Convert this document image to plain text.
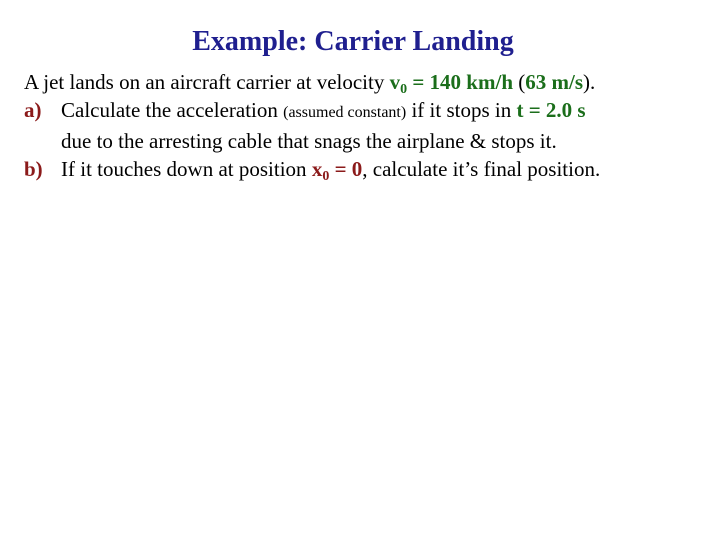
Example: Carrier Landing
A jet lands on an aircraft carrier at velocity $v_0 = 140$ km/h (63 m/s).
a) Calculate the acceleration (assumed constant) if it stops in t = 2.0 s
due to the arresting cable that snags the airplane & stops it.
b) If it touches down at position $x_0 = 0$, calculate it’s final position.
